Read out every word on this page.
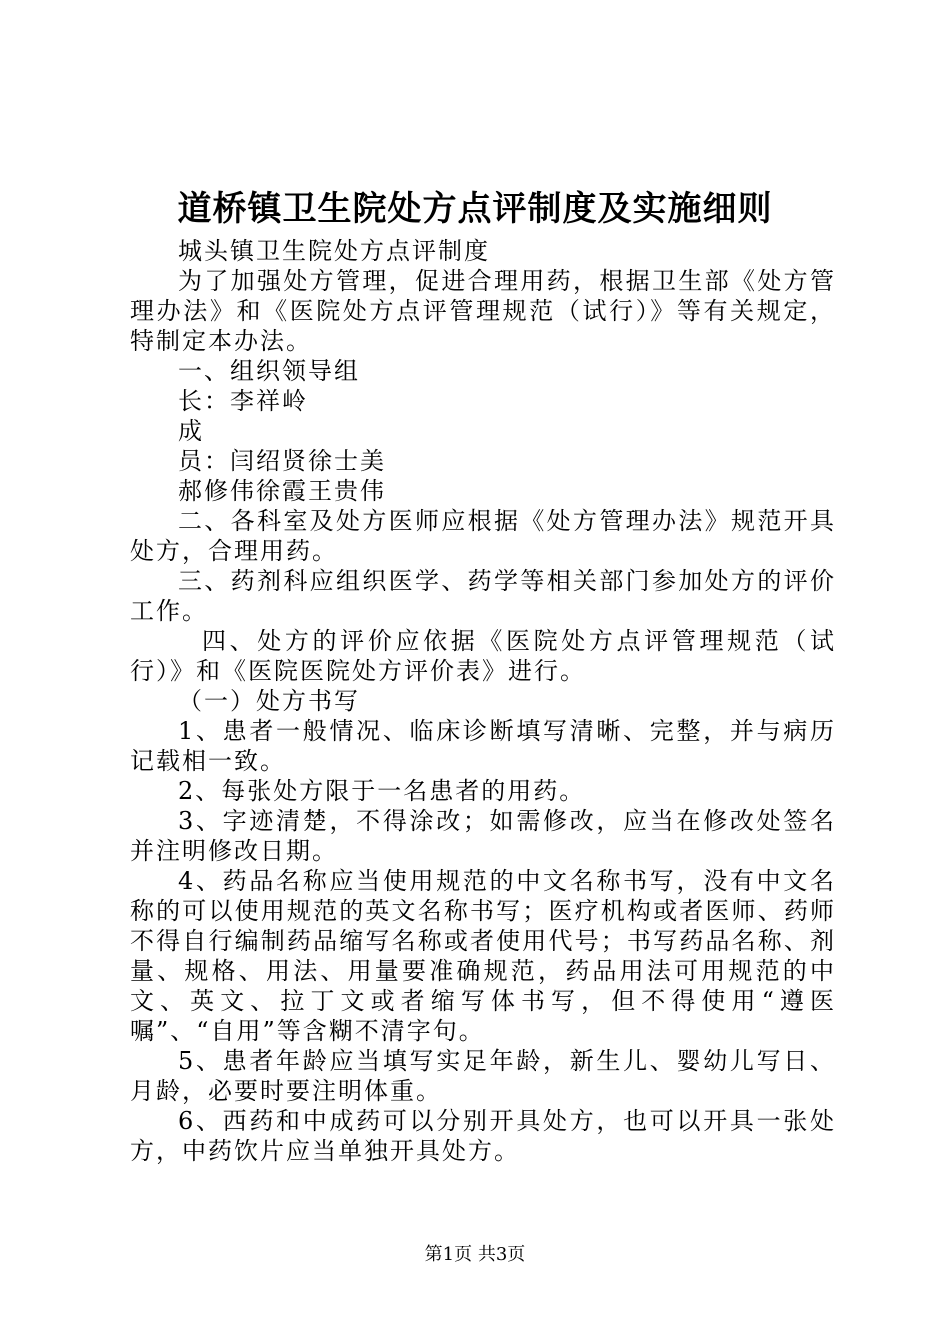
道桥镇卫生院处方点评制度及实施细则

城头镇卫生院处方点评制度

为了加强处方管理，促进合理用药，根据卫生部《处方管理办法》和《医院处方点评管理规范（试行）》等有关规定，特制定本办法。

一、组织领导组

长：李祥岭

成

员：闫绍贤徐士美

郝修伟徐霞王贵伟

二、各科室及处方医师应根据《处方管理办法》规范开具处方，合理用药。

三、药剂科应组织医学、药学等相关部门参加处方的评价工作。

四、处方的评价应依据《医院处方点评管理规范（试行）》和《医院医院处方评价表》进行。

（一）处方书写

1、患者一般情况、临床诊断填写清晰、完整，并与病历记载相一致。

2、每张处方限于一名患者的用药。

3、字迹清楚，不得涂改；如需修改，应当在修改处签名并注明修改日期。

4、药品名称应当使用规范的中文名称书写，没有中文名称的可以使用规范的英文名称书写；医疗机构或者医师、药师不得自行编制药品缩写名称或者使用代号；书写药品名称、剂量、规格、用法、用量要准确规范，药品用法可用规范的中文、英文、拉丁文或者缩写体书写，但不得使用“遵医嘱”、“自用”等含糊不清字句。

5、患者年龄应当填写实足年龄，新生儿、婴幼儿写日、月龄，必要时要注明体重。

6、西药和中成药可以分别开具处方，也可以开具一张处方，中药饮片应当单独开具处方。

第1页 共3页
